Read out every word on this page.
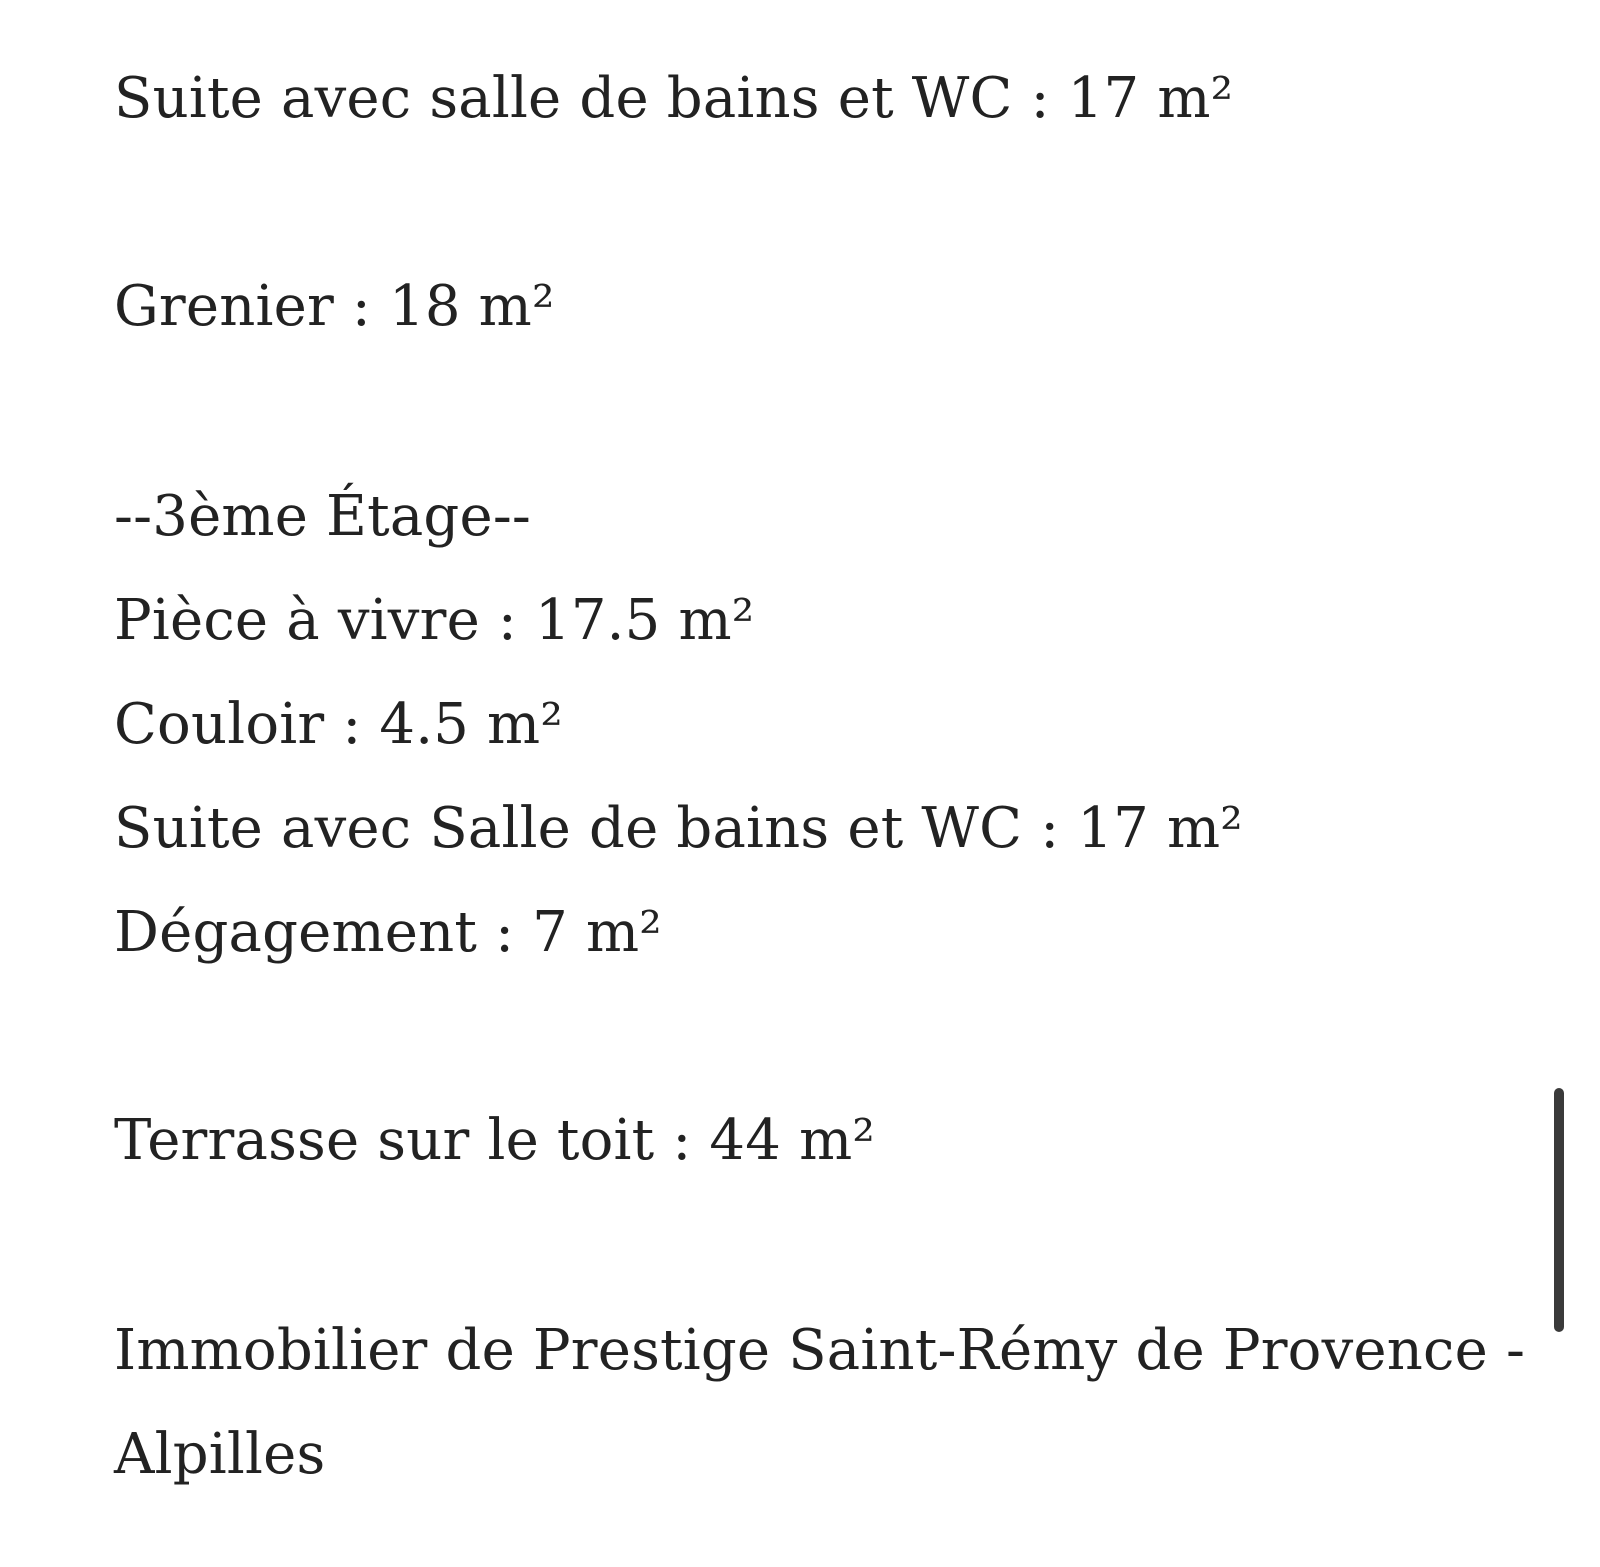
Suite avec salle de bains et WC : 17 m²
Grenier : 18 m²
--3ème Étage--
Pièce à vivre : 17.5 m²
Couloir : 4.5 m²
Suite avec Salle de bains et WC : 17 m²
Dégagement : 7 m²
Terrasse sur le toit : 44 m²
Immobilier de Prestige Saint-Rémy de Provence -
Alpilles
